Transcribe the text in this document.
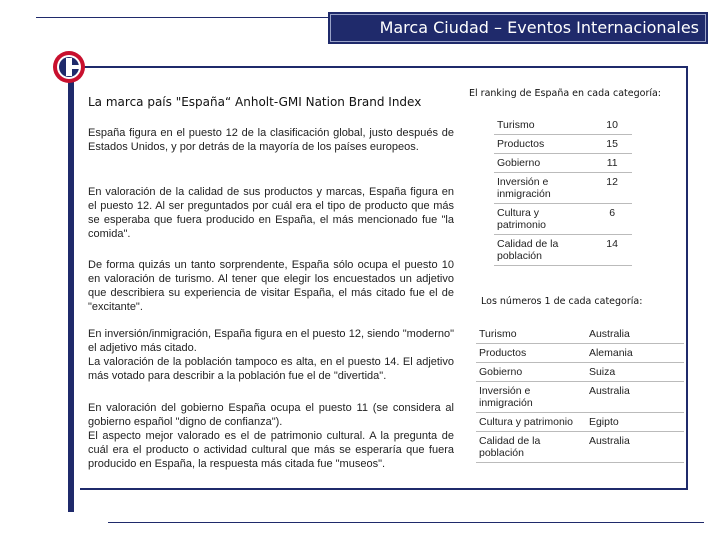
Marca Ciudad – Eventos Internacionales
La marca país "España“ Anholt-GMI Nation Brand Index

España figura en el puesto 12 de la clasificación global, justo después de Estados Unidos, y por detrás de la mayoría de los países europeos.

En valoración de la calidad de sus productos y marcas, España figura en el puesto 12. Al ser preguntados por cuál era el tipo de producto que más se esperaba que fuera producido en España, el más mencionado fue "la comida".

De forma quizás un tanto sorprendente, España sólo ocupa el puesto 10 en valoración de turismo. Al tener que elegir los encuestados un adjetivo que describiera su experiencia de visitar España, el más citado fue el de "excitante".

En inversión/inmigración, España figura en el puesto 12, siendo "moderno" el adjetivo más citado.
La valoración de la población tampoco es alta, en el puesto 14. El adjetivo más votado para describir a la población fue el de "divertida".

En valoración del gobierno España ocupa el puesto 11 (se considera al gobierno español "digno de confianza").
El aspecto mejor valorado es el de patrimonio cultural. A la pregunta de cuál era el producto o actividad cultural que más se esperaría que fuera producido en España, la respuesta más citada fue "museos".

El ranking de España en cada categoría:
Turismo	10
Productos	15
Gobierno	11
Inversión e inmigración	12
Cultura y patrimonio	6
Calidad de la población	14
Los números 1 de cada categoría:
Turismo	Australia
Productos	Alemania
Gobierno	Suiza
Inversión e inmigración	Australia
Cultura y patrimonio	Egipto
Calidad de la población	Australia
